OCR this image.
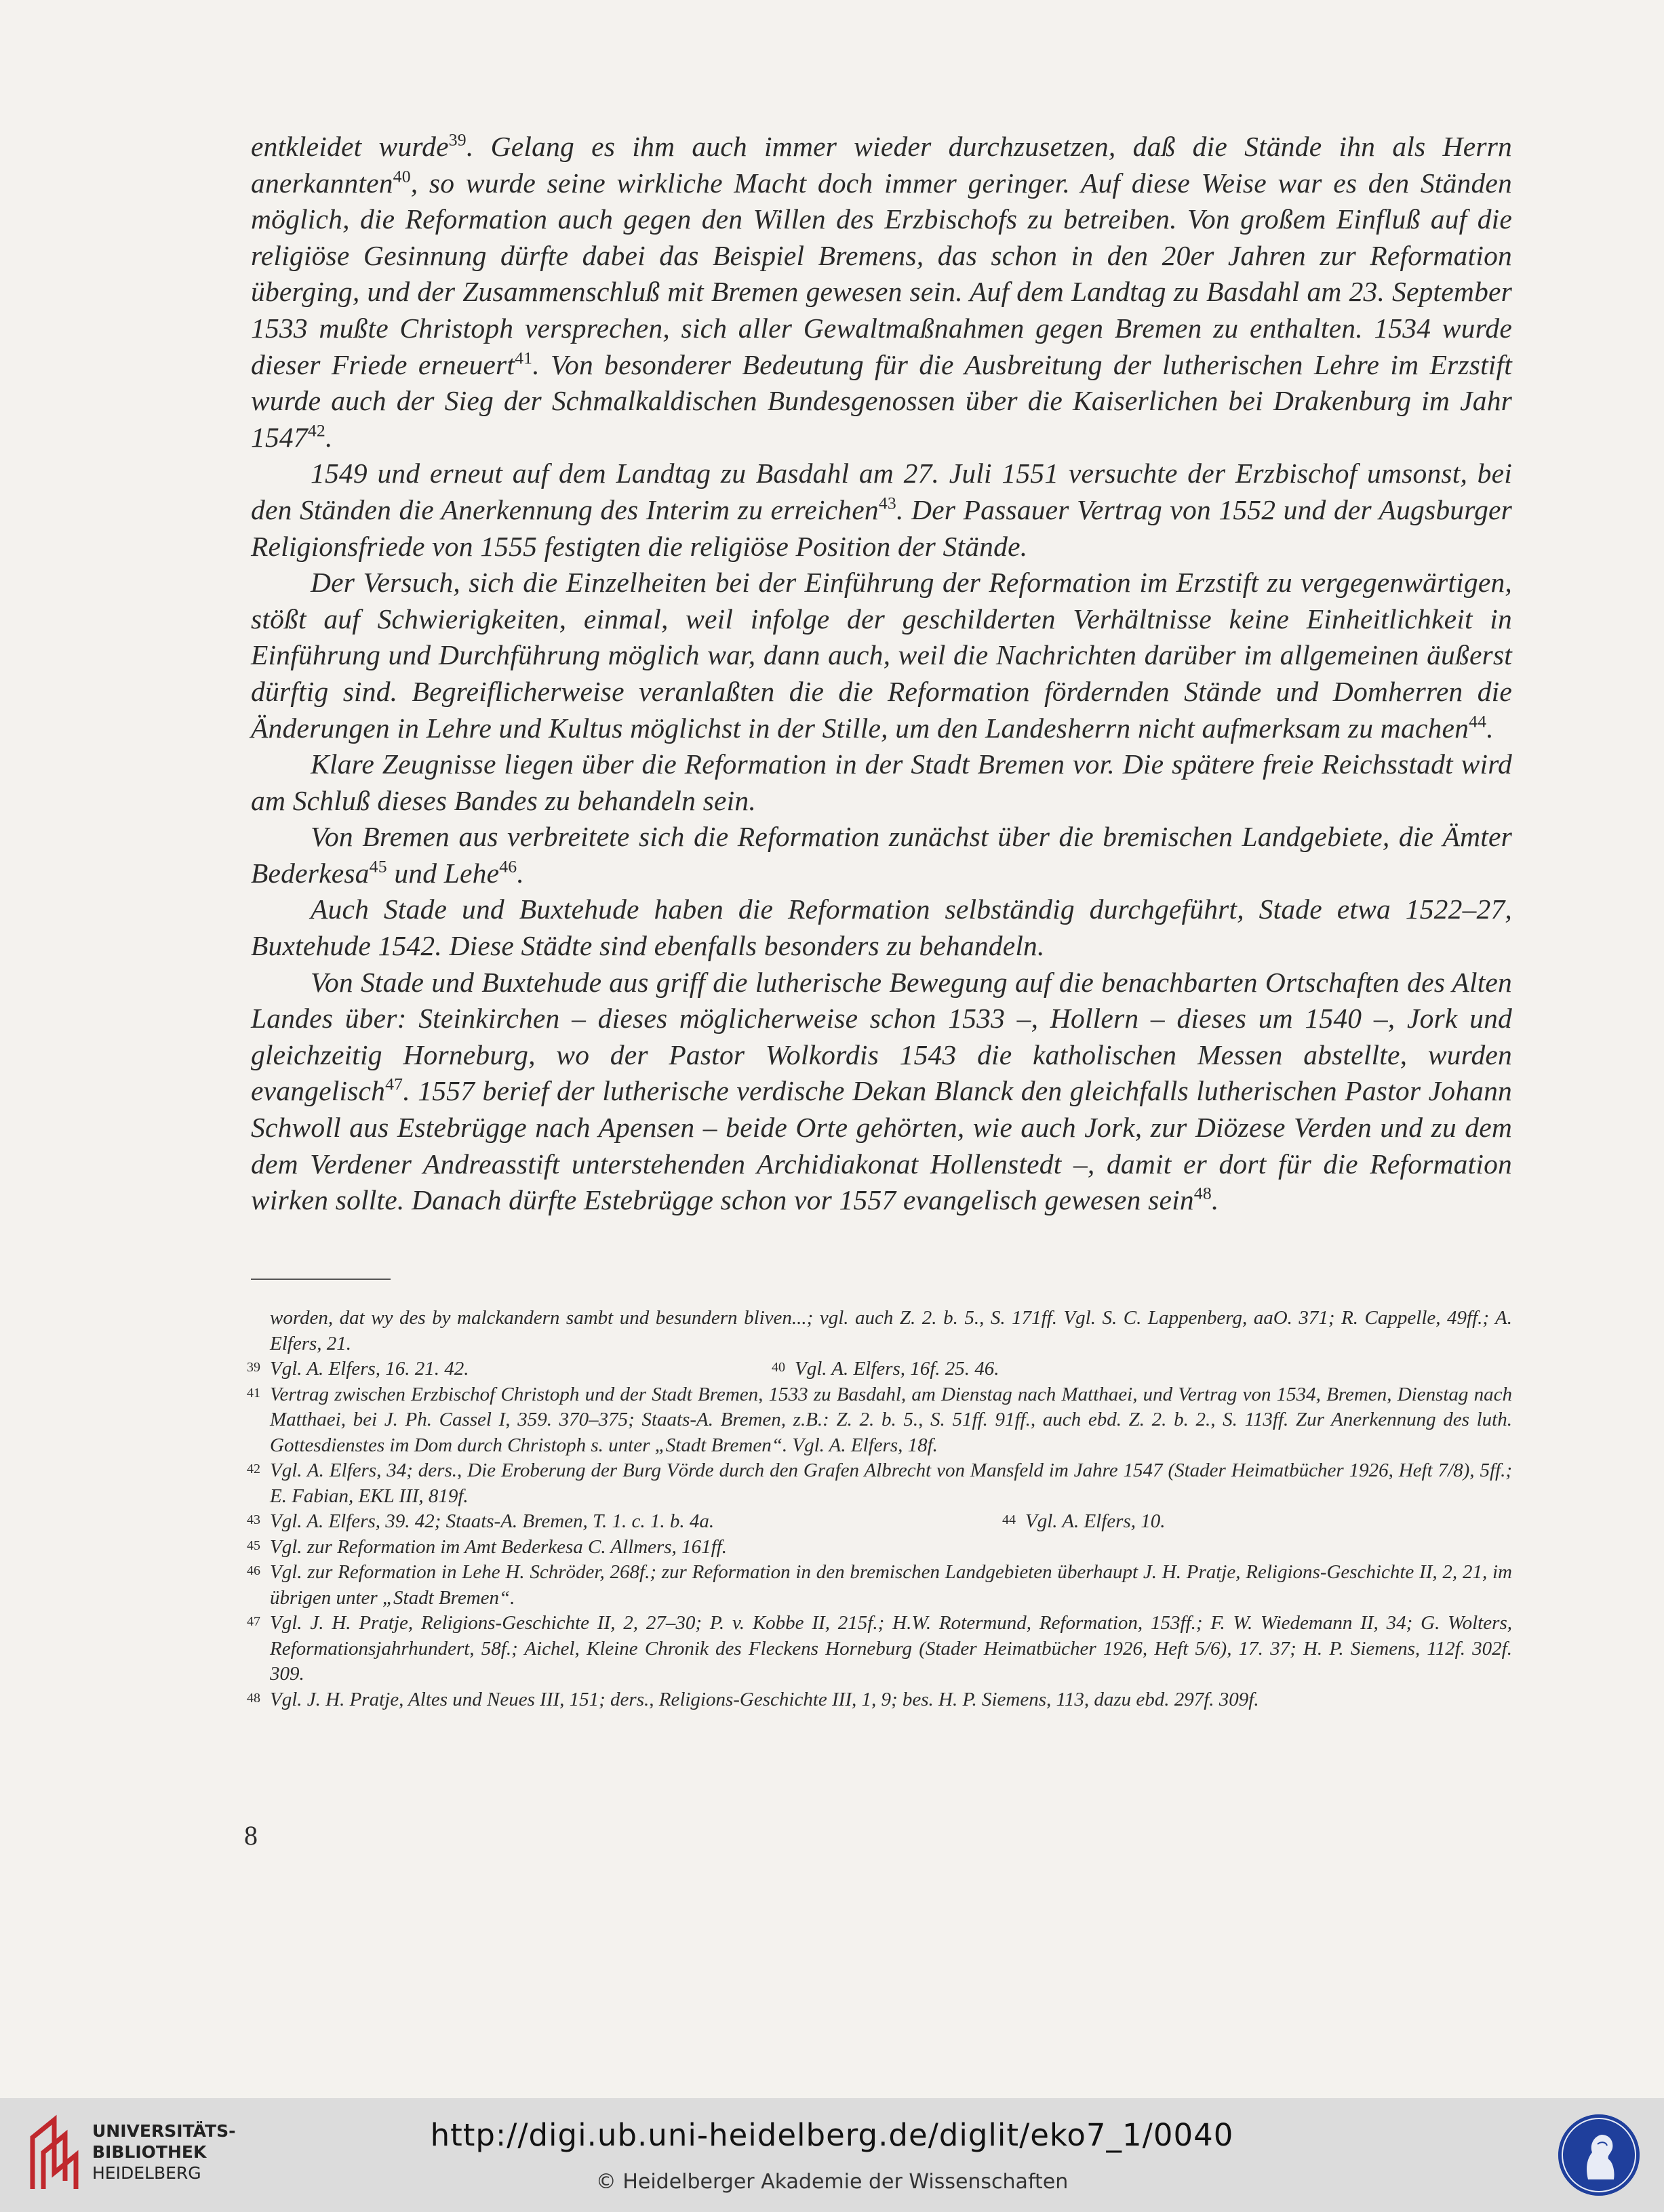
entkleidet wurde$^{39}$. Gelang es ihm auch immer wieder durchzusetzen, daß die Stände ihn als Herrn anerkannten$^{40}$, so wurde seine wirkliche Macht doch immer geringer. Auf diese Weise war es den Ständen möglich, die Reformation auch gegen den Willen des Erzbischofs zu betreiben. Von großem Einfluß auf die religiöse Gesinnung dürfte dabei das Beispiel Bremens, das schon in den 20er Jahren zur Reformation überging, und der Zusammenschluß mit Bremen gewesen sein. Auf dem Landtag zu Basdahl am 23. September 1533 mußte Christoph versprechen, sich aller Gewaltmaßnahmen gegen Bremen zu enthalten. 1534 wurde dieser Friede erneuert$^{41}$. Von besonderer Bedeutung für die Ausbreitung der lutherischen Lehre im Erzstift wurde auch der Sieg der Schmalkaldischen Bundesgenossen über die Kaiserlichen bei Drakenburg im Jahr 1547$^{42}$.

1549 und erneut auf dem Landtag zu Basdahl am 27. Juli 1551 versuchte der Erzbischof umsonst, bei den Ständen die Anerkennung des Interim zu erreichen$^{43}$. Der Passauer Vertrag von 1552 und der Augsburger Religionsfriede von 1555 festigten die religiöse Position der Stände.

Der Versuch, sich die Einzelheiten bei der Einführung der Reformation im Erzstift zu vergegenwärtigen, stößt auf Schwierigkeiten, einmal, weil infolge der geschilderten Verhältnisse keine Einheitlichkeit in Einführung und Durchführung möglich war, dann auch, weil die Nachrichten darüber im allgemeinen äußerst dürftig sind. Begreiflicherweise veranlaßten die die Reformation fördernden Stände und Domherren die Änderungen in Lehre und Kultus möglichst in der Stille, um den Landesherrn nicht aufmerksam zu machen$^{44}$.

Klare Zeugnisse liegen über die Reformation in der Stadt Bremen vor. Die spätere freie Reichsstadt wird am Schluß dieses Bandes zu behandeln sein.

Von Bremen aus verbreitete sich die Reformation zunächst über die bremischen Landgebiete, die Ämter Bederkesa$^{45}$ und Lehe$^{46}$.

Auch Stade und Buxtehude haben die Reformation selbständig durchgeführt, Stade etwa 1522–27, Buxtehude 1542. Diese Städte sind ebenfalls besonders zu behandeln.

Von Stade und Buxtehude aus griff die lutherische Bewegung auf die benachbarten Ortschaften des Alten Landes über: Steinkirchen – dieses möglicherweise schon 1533 –, Hollern – dieses um 1540 –, Jork und gleichzeitig Horneburg, wo der Pastor Wolkordis 1543 die katholischen Messen abstellte, wurden evangelisch$^{47}$. 1557 berief der lutherische verdische Dekan Blanck den gleichfalls lutherischen Pastor Johann Schwoll aus Estebrügge nach Apensen – beide Orte gehörten, wie auch Jork, zur Diözese Verden und zu dem dem Verdener Andreasstift unterstehenden Archidiakonat Hollenstedt –, damit er dort für die Reformation wirken sollte. Danach dürfte Estebrügge schon vor 1557 evangelisch gewesen sein$^{48}$.

worden, dat wy des by malckandern sambt und besundern bliven...; vgl. auch Z. 2. b. 5., S. 171ff. Vgl. S. C. Lappenberg, aaO. 371; R. Cappelle, 49ff.; A. Elfers, 21.

39 Vgl. A. Elfers, 16. 21. 42.	40 Vgl. A. Elfers, 16f. 25. 46.

41 Vertrag zwischen Erzbischof Christoph und der Stadt Bremen, 1533 zu Basdahl, am Dienstag nach Matthaei, und Vertrag von 1534, Bremen, Dienstag nach Matthaei, bei J. Ph. Cassel I, 359. 370–375; Staats-A. Bremen, z.B.: Z. 2. b. 5., S. 51ff. 91ff., auch ebd. Z. 2. b. 2., S. 113ff. Zur Anerkennung des luth. Gottesdienstes im Dom durch Christoph s. unter „Stadt Bremen“. Vgl. A. Elfers, 18f.

42 Vgl. A. Elfers, 34; ders., Die Eroberung der Burg Vörde durch den Grafen Albrecht von Mansfeld im Jahre 1547 (Stader Heimatbücher 1926, Heft 7/8), 5ff.; E. Fabian, EKL III, 819f.

43 Vgl. A. Elfers, 39. 42; Staats-A. Bremen, T. 1. c. 1. b. 4a.	44 Vgl. A. Elfers, 10.

45 Vgl. zur Reformation im Amt Bederkesa C. Allmers, 161ff.

46 Vgl. zur Reformation in Lehe H. Schröder, 268f.; zur Reformation in den bremischen Landgebieten überhaupt J. H. Pratje, Religions-Geschichte II, 2, 21, im übrigen unter „Stadt Bremen“.

47 Vgl. J. H. Pratje, Religions-Geschichte II, 2, 27–30; P. v. Kobbe II, 215f.; H.W. Rotermund, Reformation, 153ff.; F. W. Wiedemann II, 34; G. Wolters, Reformationsjahrhundert, 58f.; Aichel, Kleine Chronik des Fleckens Horneburg (Stader Heimatbücher 1926, Heft 5/6), 17. 37; H. P. Siemens, 112f. 302f. 309.

48 Vgl. J. H. Pratje, Altes und Neues III, 151; ders., Religions-Geschichte III, 1, 9; bes. H. P. Siemens, 113, dazu ebd. 297f. 309f.

8
UNIVERSITÄTS-
BIBLIOTHEK
HEIDELBERG
http://digi.ub.uni-heidelberg.de/diglit/eko7_1/0040
© Heidelberger Akademie der Wissenschaften
